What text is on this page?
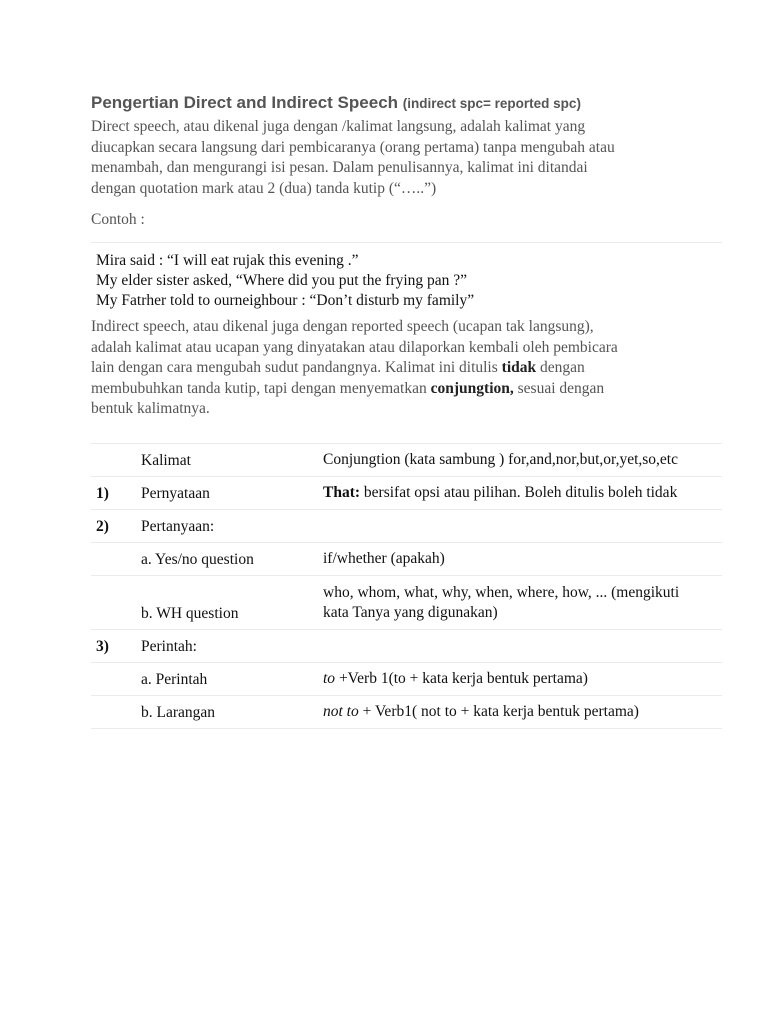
Pengertian Direct and Indirect Speech (indirect spc= reported spc)
Direct speech, atau dikenal juga dengan /kalimat langsung, adalah kalimat yang
diucapkan secara langsung dari pembicaranya (orang pertama) tanpa mengubah atau
menambah, dan mengurangi isi pesan. Dalam penulisannya, kalimat ini ditandai
dengan quotation mark atau 2 (dua) tanda kutip (“…..”)
Contoh :
Mira said : “I will eat rujak this evening .”
My elder sister asked, “Where did you put the frying pan ?”
My Fatrher told to ourneighbour : “Don’t disturb my family”
Indirect speech, atau dikenal juga dengan reported speech (ucapan tak langsung),
adalah kalimat atau ucapan yang dinyatakan atau dilaporkan kembali oleh pembicara
lain dengan cara mengubah sudut pandangnya. Kalimat ini ditulis tidak dengan
membubuhkan tanda kutip, tapi dengan menyematkan conjungtion, sesuai dengan
bentuk kalimatnya.
	Kalimat	Conjungtion (kata sambung ) for,and,nor,but,or,yet,so,etc
1)	Pernyataan	That: bersifat opsi atau pilihan. Boleh ditulis boleh tidak
2)	Pertanyaan:	
	a. Yes/no question	if/whether (apakah)
	b. WH question	who, whom, what, why, when, where, how, ... (mengikuti
kata Tanya yang digunakan)
3)	Perintah:	
	a. Perintah	to +Verb 1(to + kata kerja bentuk pertama)
	b. Larangan	not to + Verb1( not to + kata kerja bentuk pertama)
